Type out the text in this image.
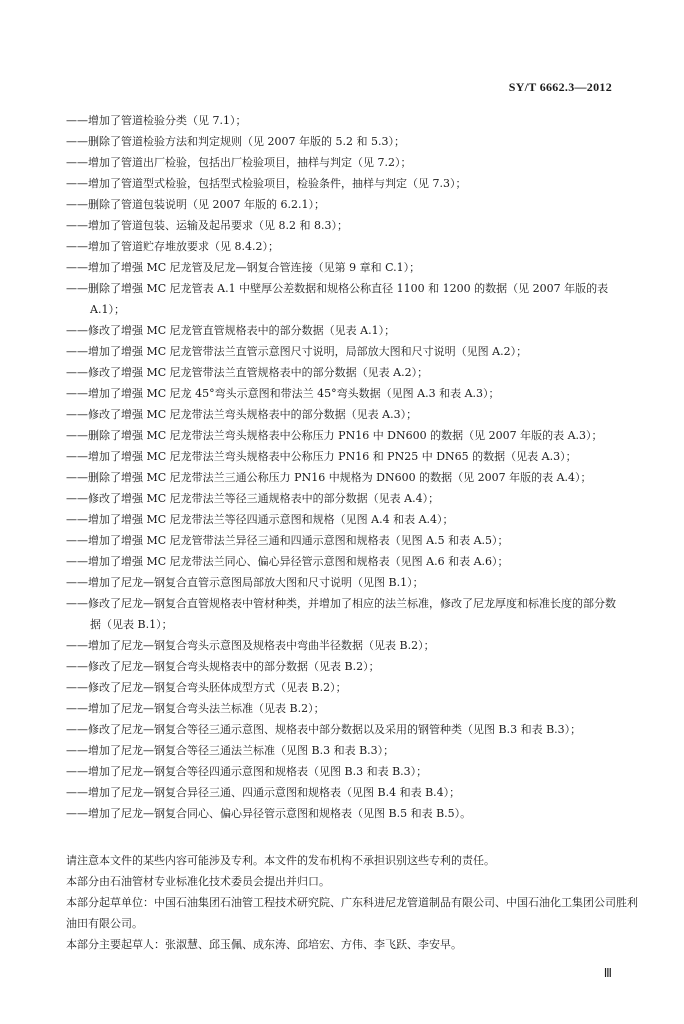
SY/T 6662.3—2012
——增加了管道检验分类（见 7.1）；
——删除了管道检验方法和判定规则（见 2007 年版的 5.2 和 5.3）；
——增加了管道出厂检验，包括出厂检验项目，抽样与判定（见 7.2）；
——增加了管道型式检验，包括型式检验项目，检验条件，抽样与判定（见 7.3）；
——删除了管道包装说明（见 2007 年版的 6.2.1）；
——增加了管道包装、运输及起吊要求（见 8.2 和 8.3）；
——增加了管道贮存堆放要求（见 8.4.2）；
——增加了增强 MC 尼龙管及尼龙—钢复合管连接（见第 9 章和 C.1）；
——删除了增强 MC 尼龙管表 A.1 中壁厚公差数据和规格公称直径 1100 和 1200 的数据（见 2007 年版的表 A.1）；
——修改了增强 MC 尼龙管直管规格表中的部分数据（见表 A.1）；
——增加了增强 MC 尼龙管带法兰直管示意图尺寸说明，局部放大图和尺寸说明（见图 A.2）；
——修改了增强 MC 尼龙管带法兰直管规格表中的部分数据（见表 A.2）；
——增加了增强 MC 尼龙 45°弯头示意图和带法兰 45°弯头数据（见图 A.3 和表 A.3）；
——修改了增强 MC 尼龙带法兰弯头规格表中的部分数据（见表 A.3）；
——删除了增强 MC 尼龙带法兰弯头规格表中公称压力 PN16 中 DN600 的数据（见 2007 年版的表 A.3）；
——增加了增强 MC 尼龙带法兰弯头规格表中公称压力 PN16 和 PN25 中 DN65 的数据（见表 A.3）；
——删除了增强 MC 尼龙带法兰三通公称压力 PN16 中规格为 DN600 的数据（见 2007 年版的表 A.4）；
——修改了增强 MC 尼龙带法兰等径三通规格表中的部分数据（见表 A.4）；
——增加了增强 MC 尼龙带法兰等径四通示意图和规格（见图 A.4 和表 A.4）；
——增加了增强 MC 尼龙管带法兰异径三通和四通示意图和规格表（见图 A.5 和表 A.5）；
——增加了增强 MC 尼龙带法兰同心、偏心异径管示意图和规格表（见图 A.6 和表 A.6）；
——增加了尼龙—钢复合直管示意图局部放大图和尺寸说明（见图 B.1）；
——修改了尼龙—钢复合直管规格表中管材种类，并增加了相应的法兰标准，修改了尼龙厚度和标准长度的部分数据（见表 B.1）；
——增加了尼龙—钢复合弯头示意图及规格表中弯曲半径数据（见表 B.2）；
——修改了尼龙—钢复合弯头规格表中的部分数据（见表 B.2）；
——修改了尼龙—钢复合弯头胚体成型方式（见表 B.2）；
——增加了尼龙—钢复合弯头法兰标准（见表 B.2）；
——修改了尼龙—钢复合等径三通示意图、规格表中部分数据以及采用的钢管种类（见图 B.3 和表 B.3）；
——增加了尼龙—钢复合等径三通法兰标准（见图 B.3 和表 B.3）；
——增加了尼龙—钢复合等径四通示意图和规格表（见图 B.3 和表 B.3）；
——增加了尼龙—钢复合异径三通、四通示意图和规格表（见图 B.4 和表 B.4）；
——增加了尼龙—钢复合同心、偏心异径管示意图和规格表（见图 B.5 和表 B.5）。

请注意本文件的某些内容可能涉及专利。本文件的发布机构不承担识别这些专利的责任。

本部分由石油管材专业标准化技术委员会提出并归口。

本部分起草单位：中国石油集团石油管工程技术研究院、广东科进尼龙管道制品有限公司、中国石油化工集团公司胜利油田有限公司。

本部分主要起草人：张淑慧、邱玉佩、成东涛、邱培宏、方伟、李飞跃、李安早。

Ⅲ
